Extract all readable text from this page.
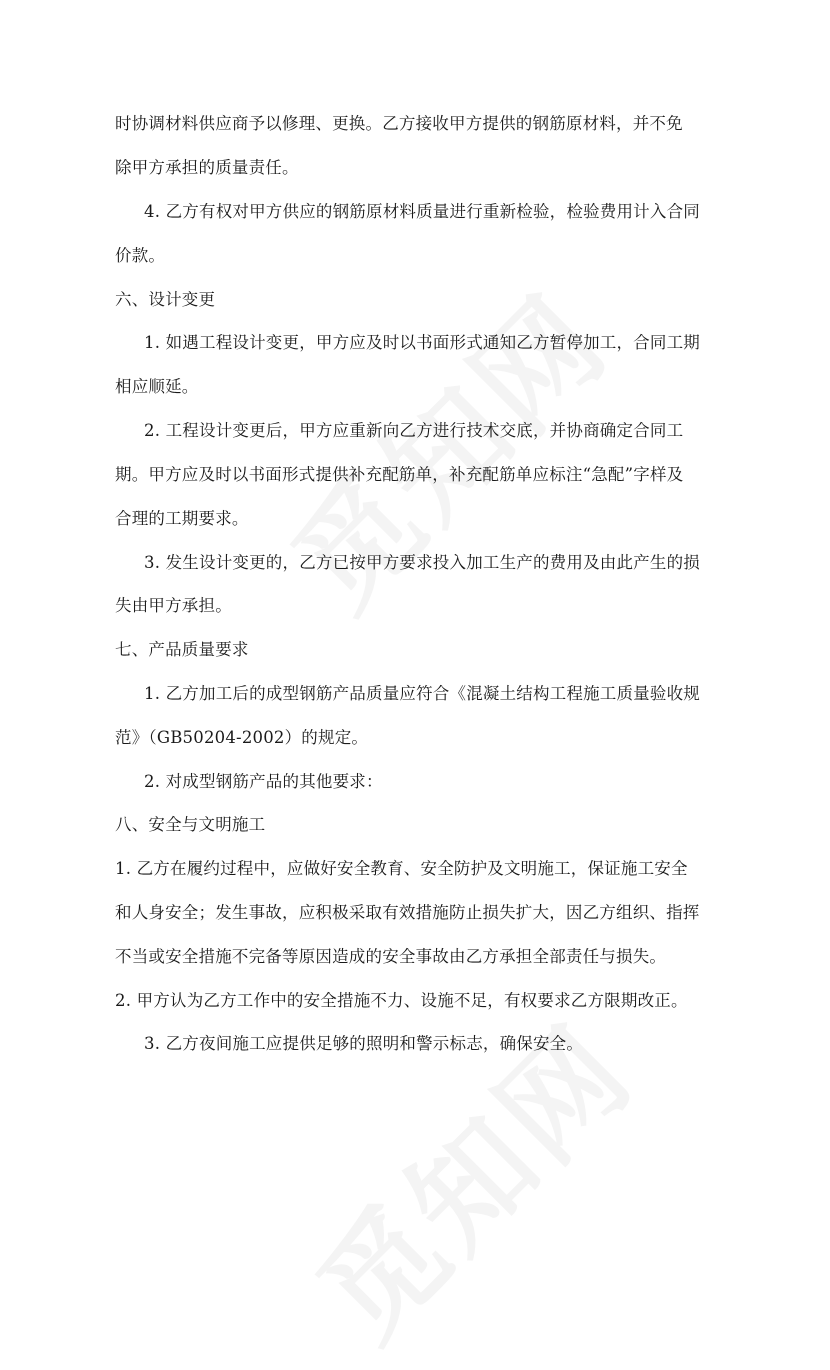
时协调材料供应商予以修理、更换。乙方接收甲方提供的钢筋原材料，并不免
除甲方承担的质量责任。
4. 乙方有权对甲方供应的钢筋原材料质量进行重新检验，检验费用计入合同
价款。
六、设计变更
1. 如遇工程设计变更，甲方应及时以书面形式通知乙方暂停加工，合同工期
相应顺延。
2. 工程设计变更后，甲方应重新向乙方进行技术交底，并协商确定合同工
期。甲方应及时以书面形式提供补充配筋单，补充配筋单应标注“急配”字样及
合理的工期要求。
3. 发生设计变更的，乙方已按甲方要求投入加工生产的费用及由此产生的损
失由甲方承担。
七、产品质量要求
1. 乙方加工后的成型钢筋产品质量应符合《混凝土结构工程施工质量验收规
范》（GB50204-2002）的规定。
2. 对成型钢筋产品的其他要求：
八、安全与文明施工
1. 乙方在履约过程中，应做好安全教育、安全防护及文明施工，保证施工安全
和人身安全；发生事故，应积极采取有效措施防止损失扩大，因乙方组织、指挥
不当或安全措施不完备等原因造成的安全事故由乙方承担全部责任与损失。
2. 甲方认为乙方工作中的安全措施不力、设施不足，有权要求乙方限期改正。
3. 乙方夜间施工应提供足够的照明和警示标志，确保安全。
